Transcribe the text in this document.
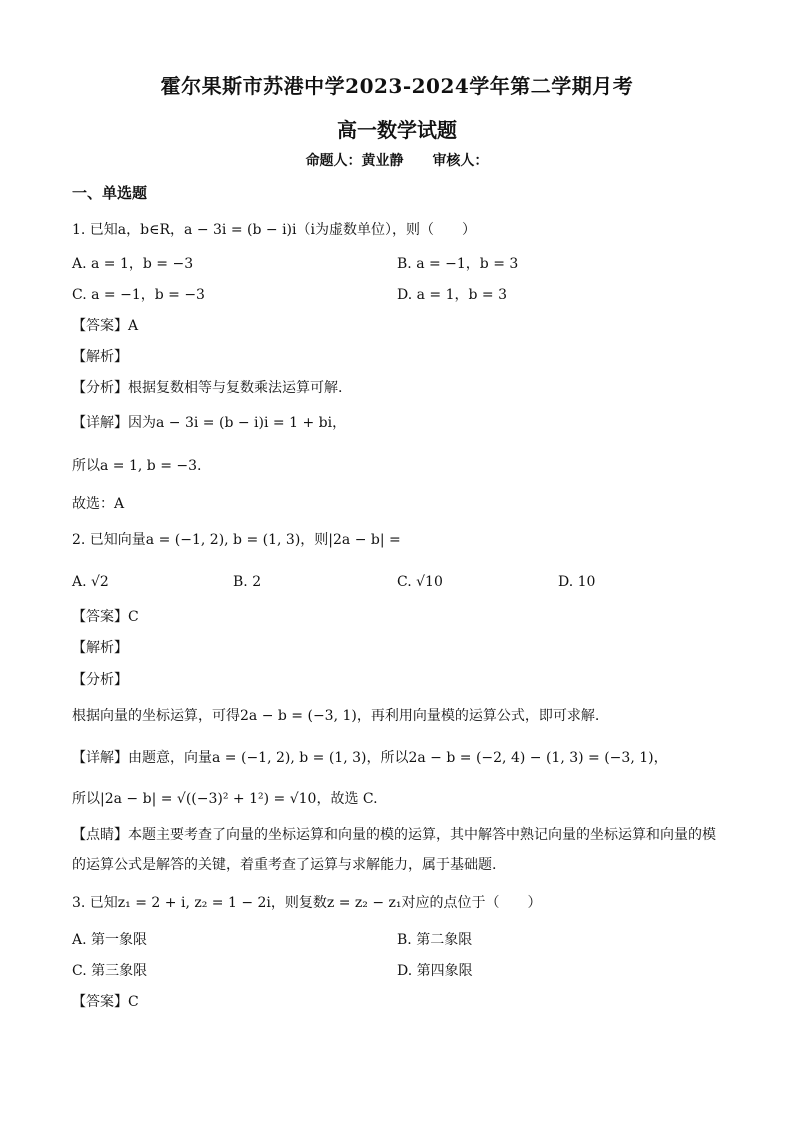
霍尔果斯市苏港中学2023-2024学年第二学期月考
高一数学试题
命题人：黄业静 审核人：
一、单选题
1. 已知a，b∈R，a − 3i = (b − i)i（i为虚数单位），则（　　）
A. a = 1，b = −3	B. a = −1，b = 3
C. a = −1，b = −3	D. a = 1，b = 3
【答案】A
【解析】
【分析】根据复数相等与复数乘法运算可解.
【详解】因为a − 3i = (b − i)i = 1 + bi，
所以a = 1, b = −3.
故选：A
2. 已知向量a = (−1, 2), b = (1, 3)，则|2a − b| =
A. √2	B. 2	C. √10	D. 10
【答案】C
【解析】
【分析】
根据向量的坐标运算，可得2a − b = (−3, 1)，再利用向量模的运算公式，即可求解.
【详解】由题意，向量a = (−1, 2), b = (1, 3)，所以2a − b = (−2, 4) − (1, 3) = (−3, 1)，
所以|2a − b| = √((−3)² + 1²) = √10，故选 C.
【点睛】本题主要考查了向量的坐标运算和向量的模的运算，其中解答中熟记向量的坐标运算和向量的模的运算公式是解答的关键，着重考查了运算与求解能力，属于基础题.
3. 已知z₁ = 2 + i, z₂ = 1 − 2i，则复数z = z₂ − z₁对应的点位于（　　）
A. 第一象限	B. 第二象限
C. 第三象限	D. 第四象限
【答案】C
